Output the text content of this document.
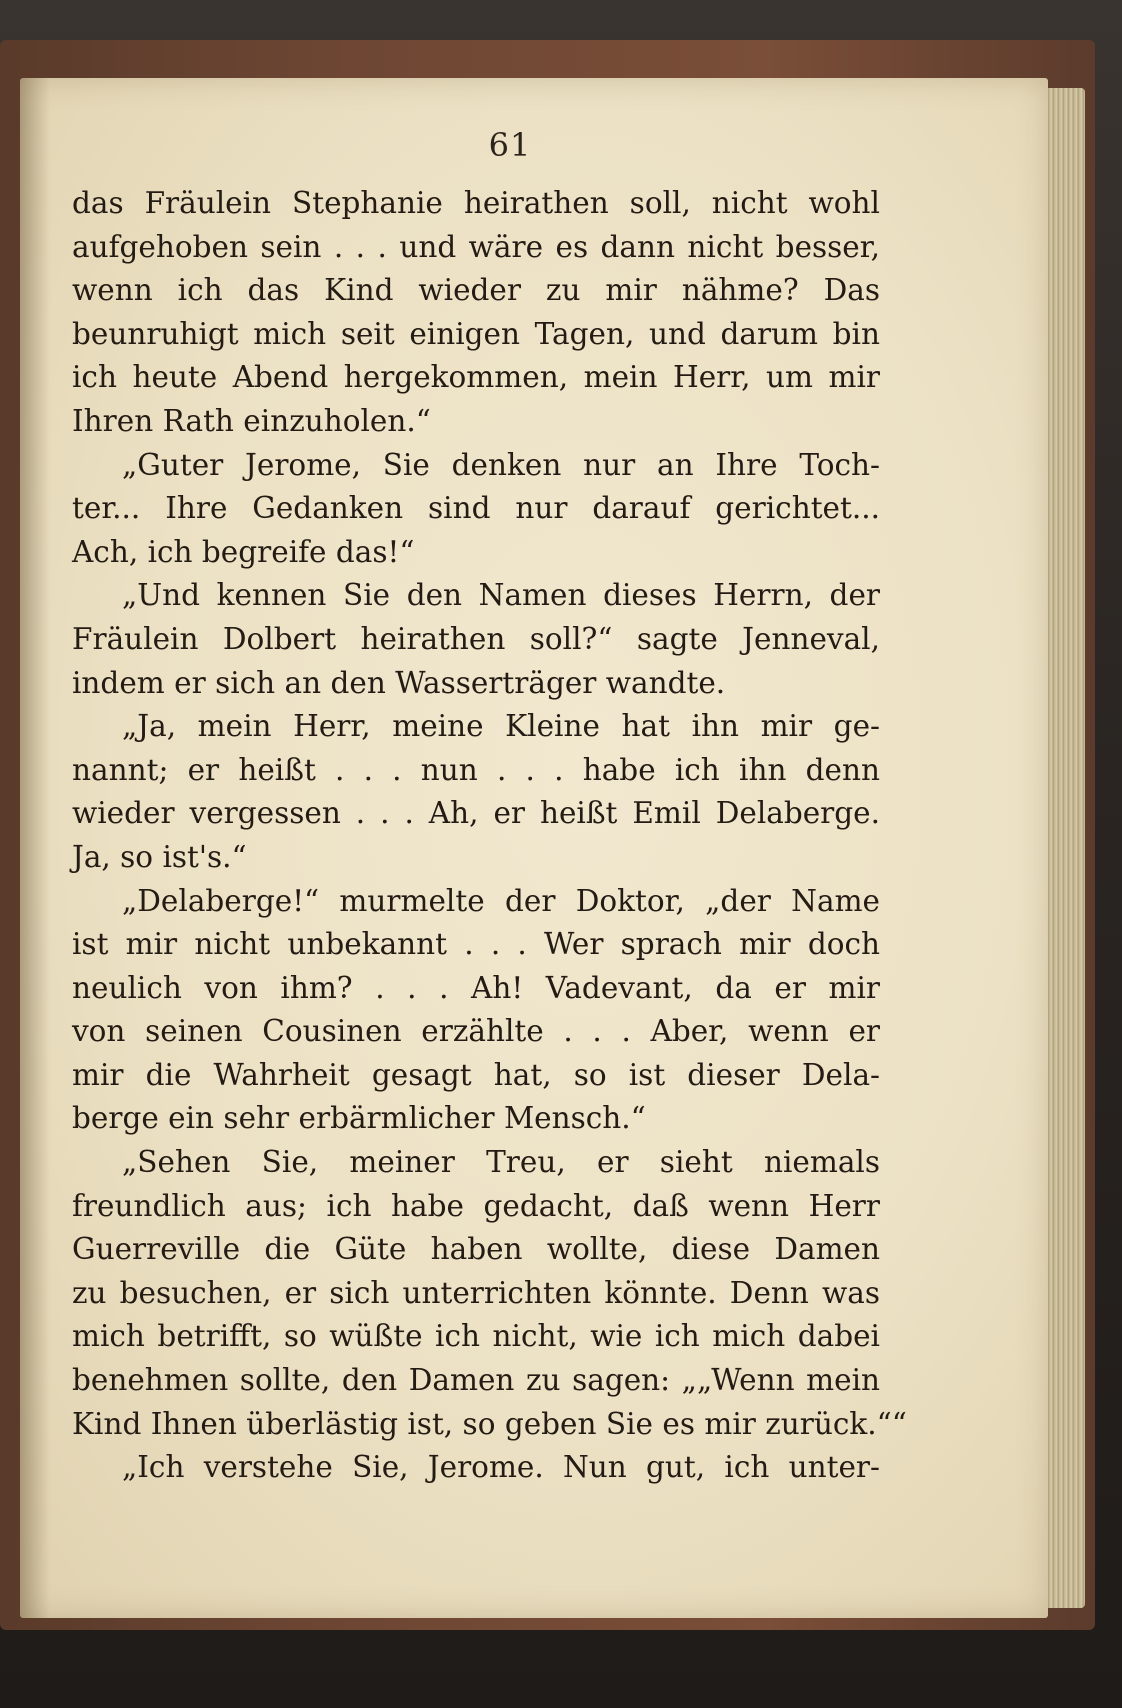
61
das Fräulein Stephanie heirathen soll, nicht wohl
aufgehoben sein . . . und wäre es dann nicht besser,
wenn ich das Kind wieder zu mir nähme? Das
beunruhigt mich seit einigen Tagen, und darum bin
ich heute Abend hergekommen, mein Herr, um mir
Ihren Rath einzuholen.“
„Guter Jerome, Sie denken nur an Ihre Toch-
ter... Ihre Gedanken sind nur darauf gerichtet...
Ach, ich begreife das!“
„Und kennen Sie den Namen dieses Herrn, der
Fräulein Dolbert heirathen soll?“ sagte Jenneval,
indem er sich an den Wasserträger wandte.
„Ja, mein Herr, meine Kleine hat ihn mir ge-
nannt; er heißt . . . nun . . . habe ich ihn denn
wieder vergessen . . . Ah, er heißt Emil Delaberge.
Ja, so ist's.“
„Delaberge!“ murmelte der Doktor, „der Name
ist mir nicht unbekannt . . . Wer sprach mir doch
neulich von ihm? . . . Ah! Vadevant, da er mir
von seinen Cousinen erzählte . . . Aber, wenn er
mir die Wahrheit gesagt hat, so ist dieser Dela-
berge ein sehr erbärmlicher Mensch.“
„Sehen Sie, meiner Treu, er sieht niemals
freundlich aus; ich habe gedacht, daß wenn Herr
Guerreville die Güte haben wollte, diese Damen
zu besuchen, er sich unterrichten könnte. Denn was
mich betrifft, so wüßte ich nicht, wie ich mich dabei
benehmen sollte, den Damen zu sagen: „„Wenn mein
Kind Ihnen überlästig ist, so geben Sie es mir zurück.““
„Ich verstehe Sie, Jerome. Nun gut, ich unter-
